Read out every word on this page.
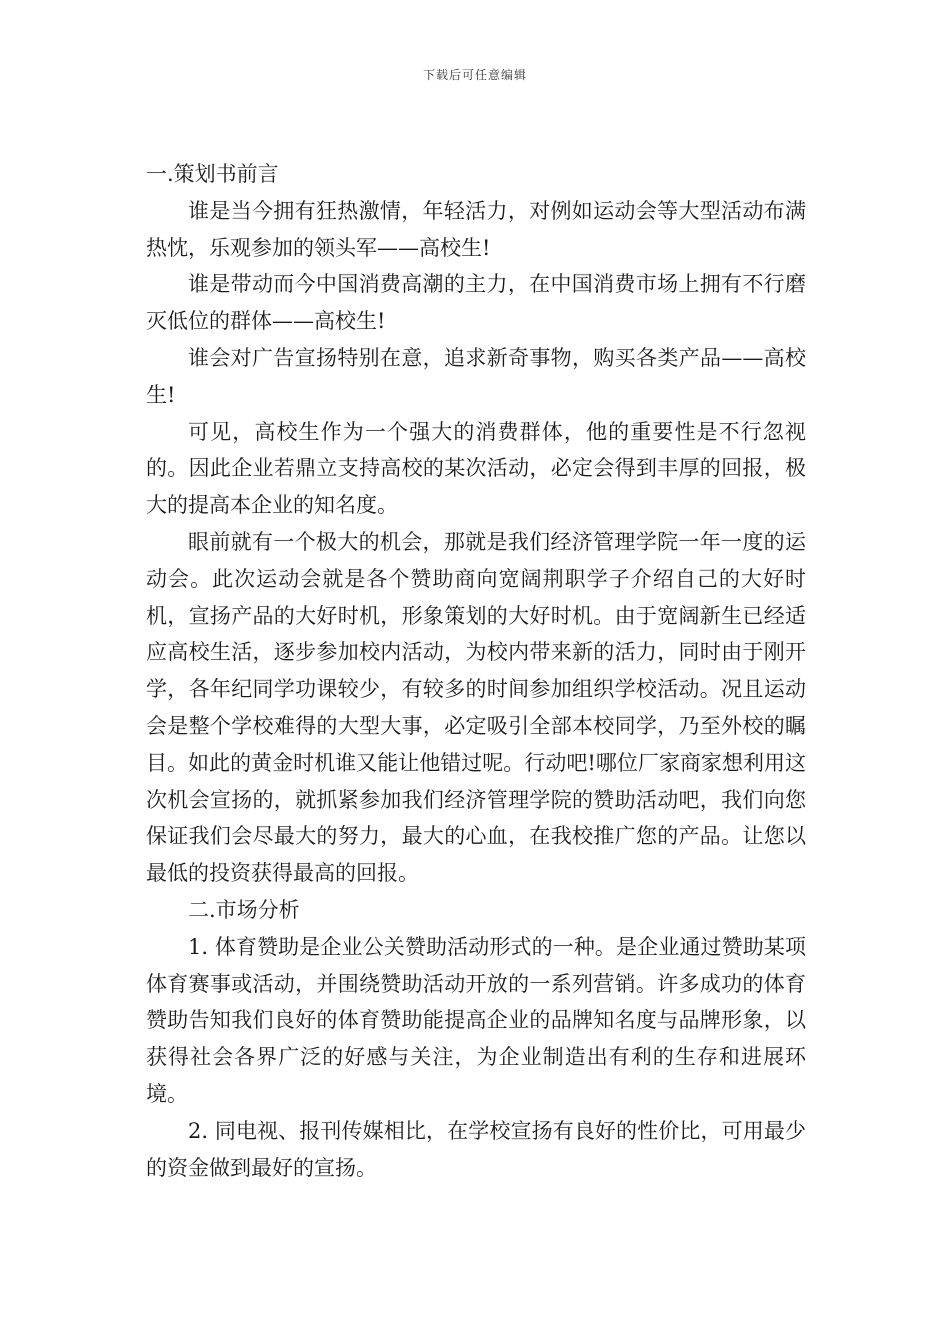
下载后可任意编辑

一.策划书前言

谁是当今拥有狂热激情，年轻活力，对例如运动会等大型活动布满热忱，乐观参加的领头军——高校生!

谁是带动而今中国消费高潮的主力，在中国消费市场上拥有不行磨灭低位的群体——高校生!

谁会对广告宣扬特别在意，追求新奇事物，购买各类产品——高校生!

可见，高校生作为一个强大的消费群体，他的重要性是不行忽视的。因此企业若鼎立支持高校的某次活动，必定会得到丰厚的回报，极大的提高本企业的知名度。

眼前就有一个极大的机会，那就是我们经济管理学院一年一度的运动会。此次运动会就是各个赞助商向宽阔荆职学子介绍自己的大好时机，宣扬产品的大好时机，形象策划的大好时机。由于宽阔新生已经适应高校生活，逐步参加校内活动，为校内带来新的活力，同时由于刚开学，各年纪同学功课较少，有较多的时间参加组织学校活动。况且运动会是整个学校难得的大型大事，必定吸引全部本校同学，乃至外校的瞩目。如此的黄金时机谁又能让他错过呢。行动吧!哪位厂家商家想利用这次机会宣扬的，就抓紧参加我们经济管理学院的赞助活动吧，我们向您保证我们会尽最大的努力，最大的心血，在我校推广您的产品。让您以最低的投资获得最高的回报。

二.市场分析

1. 体育赞助是企业公关赞助活动形式的一种。是企业通过赞助某项体育赛事或活动，并围绕赞助活动开放的一系列营销。许多成功的体育赞助告知我们良好的体育赞助能提高企业的品牌知名度与品牌形象，以获得社会各界广泛的好感与关注，为企业制造出有利的生存和进展环境。

2. 同电视、报刊传媒相比，在学校宣扬有良好的性价比，可用最少的资金做到最好的宣扬。
